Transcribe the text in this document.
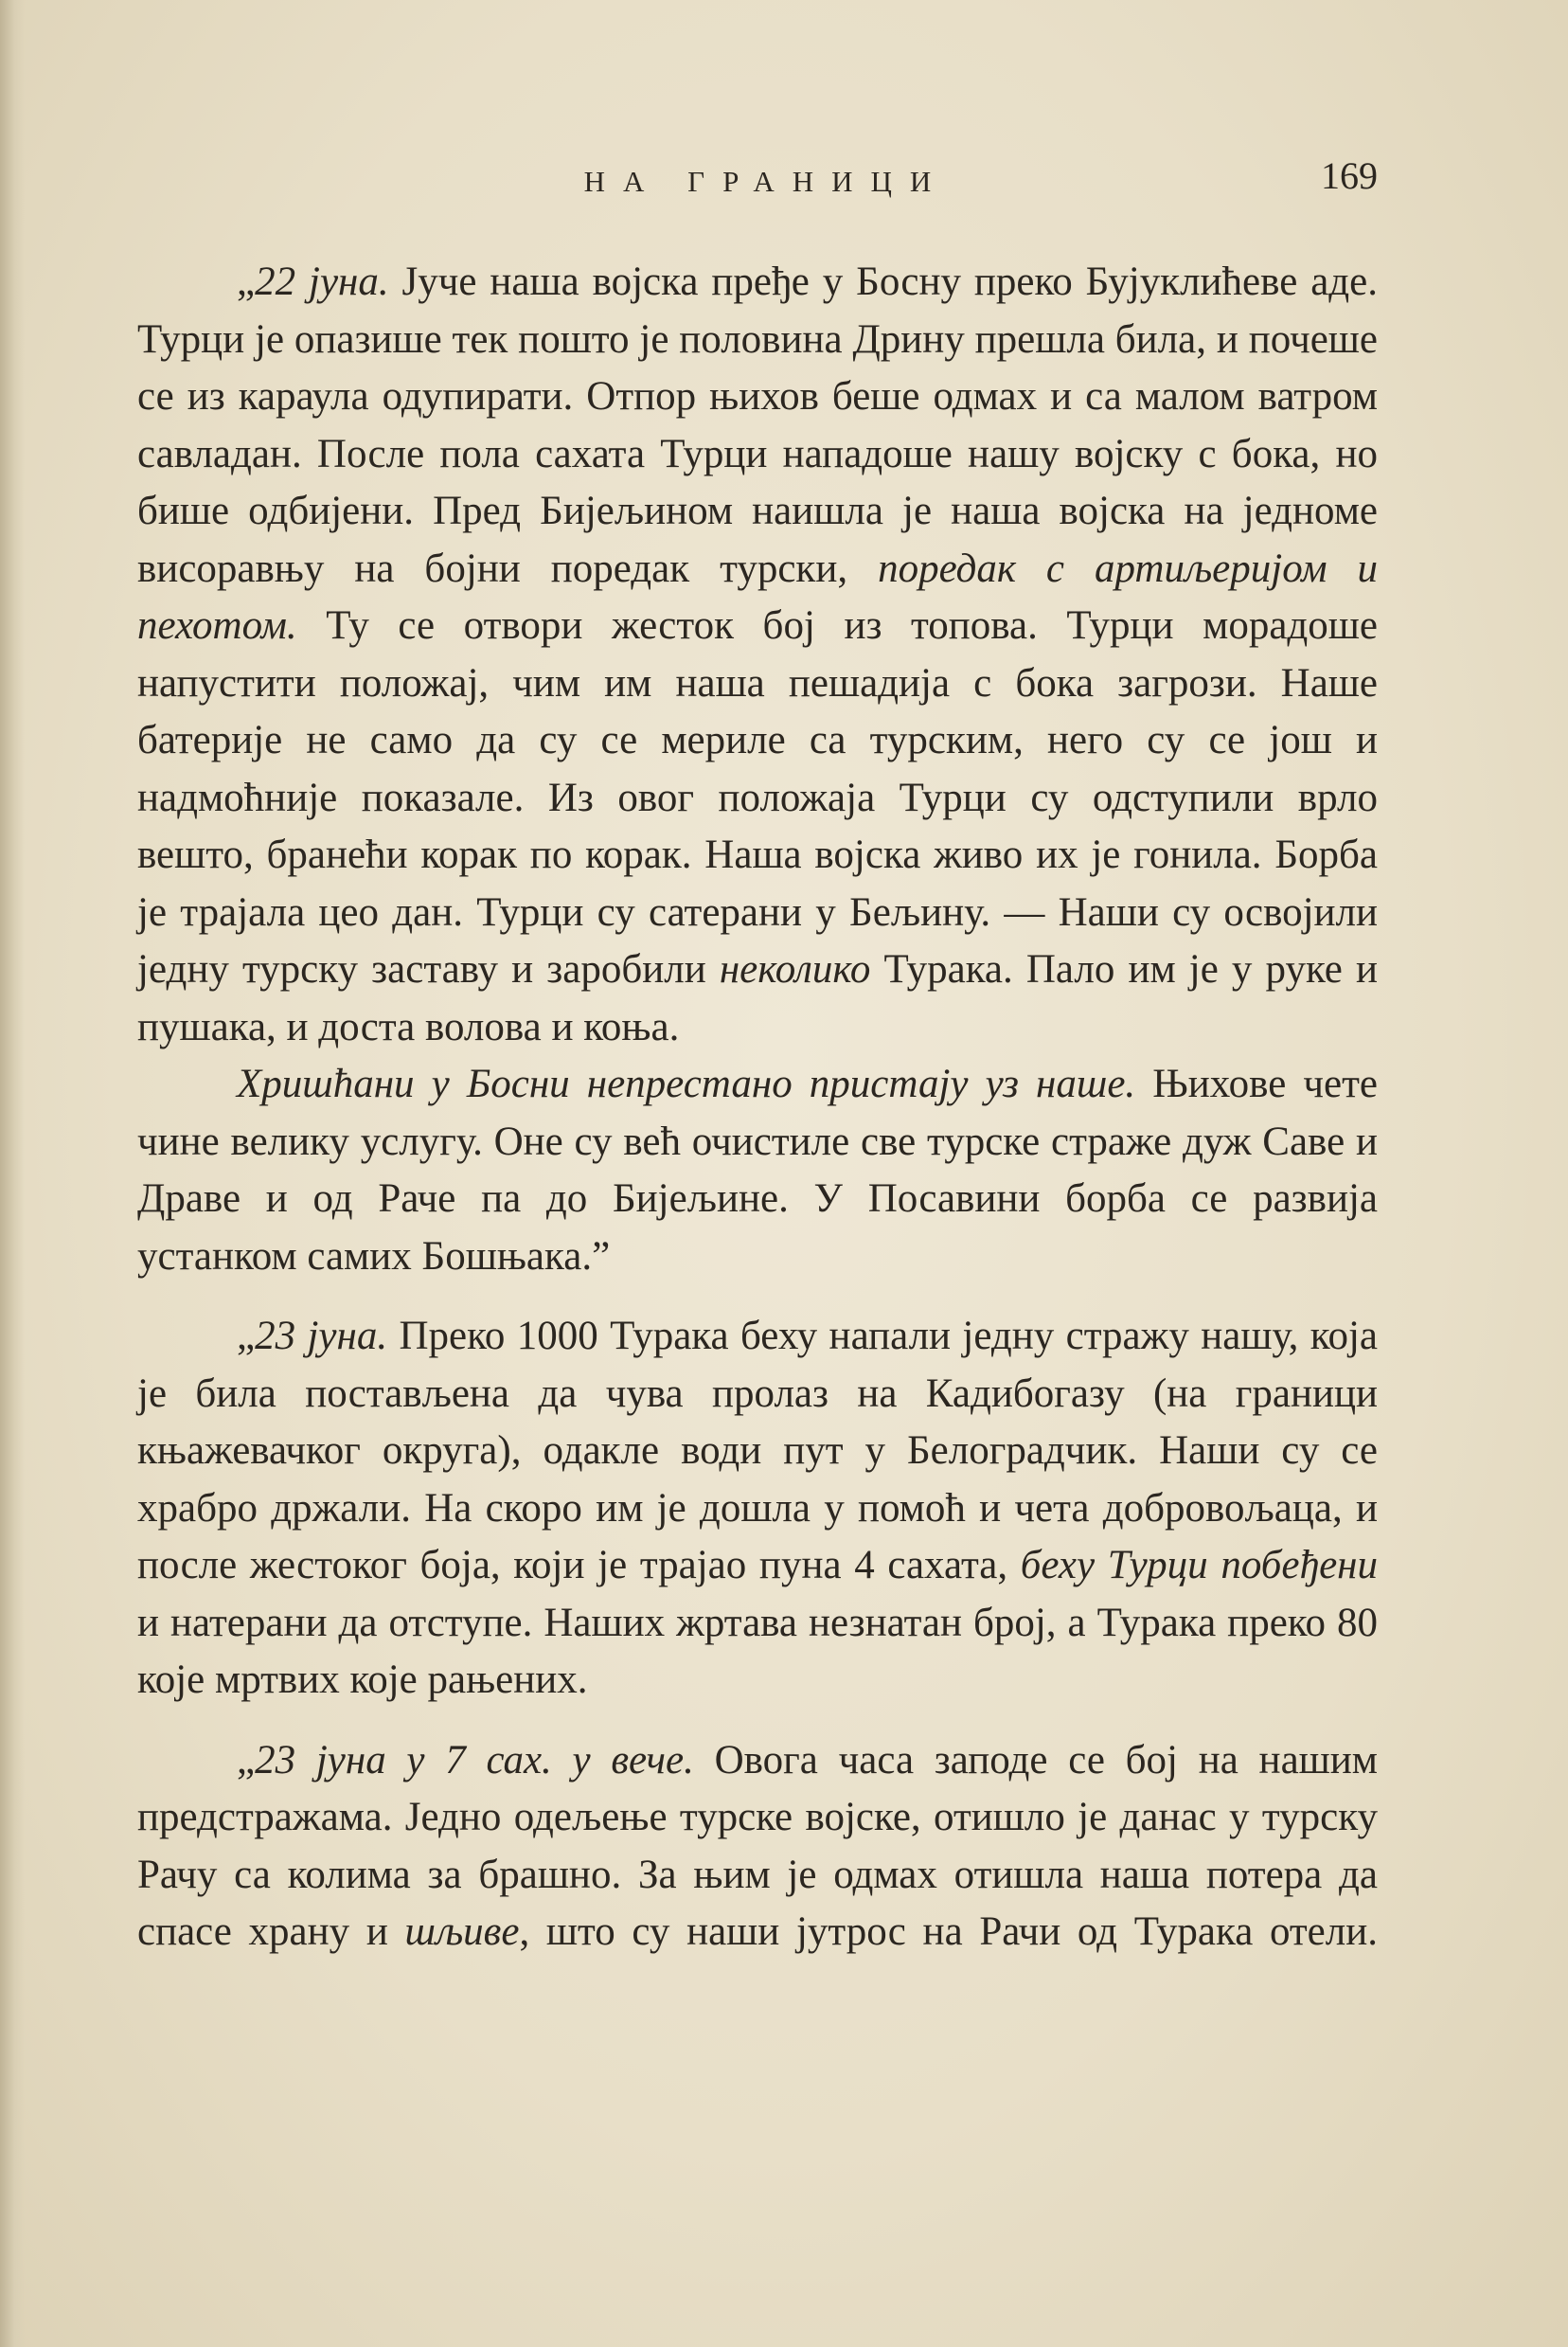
НА ГРАНИЦИ	169

„22 јуна. Јуче наша војска пређе у Босну преко Бујуклићеве аде. Турци је опазише тек пошто је половина Дрину прешла била, и почеше се из караула одупирати. Отпор њихов беше одмах и са малом ватром савладан. После пола сахата Турци нападоше нашу војску с бока, но бише одбијени. Пред Бијељином наишла је наша војска на једноме висоравњу на бојни поредак турски, поредак с артиљеријом и пехотом. Ту се отвори жесток бој из топова. Турци морадоше напустити положај, чим им наша пешадија с бока загрози. Наше батерије не само да су се мериле са турским, него су се још и надмоћније показале. Из овог положаја Турци су одступили врло вешто, бранећи корак по корак. Наша војска живо их је гонила. Борба је трајала цео дан. Турци су сатерани у Бељину. — Наши су освојили једну турску заставу и заробили неколико Турака. Пало им је у руке и пушака, и доста волова и коња.

Хришћани у Босни непрестано пристају уз наше. Њихове чете чине велику услугу. Оне су већ очистиле све турске страже дуж Саве и Драве и од Раче па до Бијељине. У Посавини борба се развија устанком самих Бошњака.”

„23 јуна. Преко 1000 Турака беху напали једну стражу нашу, која је била постављена да чува пролаз на Кадибогазу (на граници књажевачког округа), одакле води пут у Белоградчик. Наши су се храбро држали. На скоро им је дошла у помоћ и чета добровољаца, и после жестоког боја, који је трајао пуна 4 сахата, беху Турци побеђени и натерани да отступе. Наших жртава незнатан број, а Турака преко 80 које мртвих које рањених.

„23 јуна у 7 сах. у вече. Овога часа заподе се бој на нашим предстражама. Једно одељење турске војске, отишло је данас у турску Рачу са колима за брашно. За њим је одмах отишла наша потера да спасе храну и шљиве, што су наши јутрос на Рачи од Турака отели.
